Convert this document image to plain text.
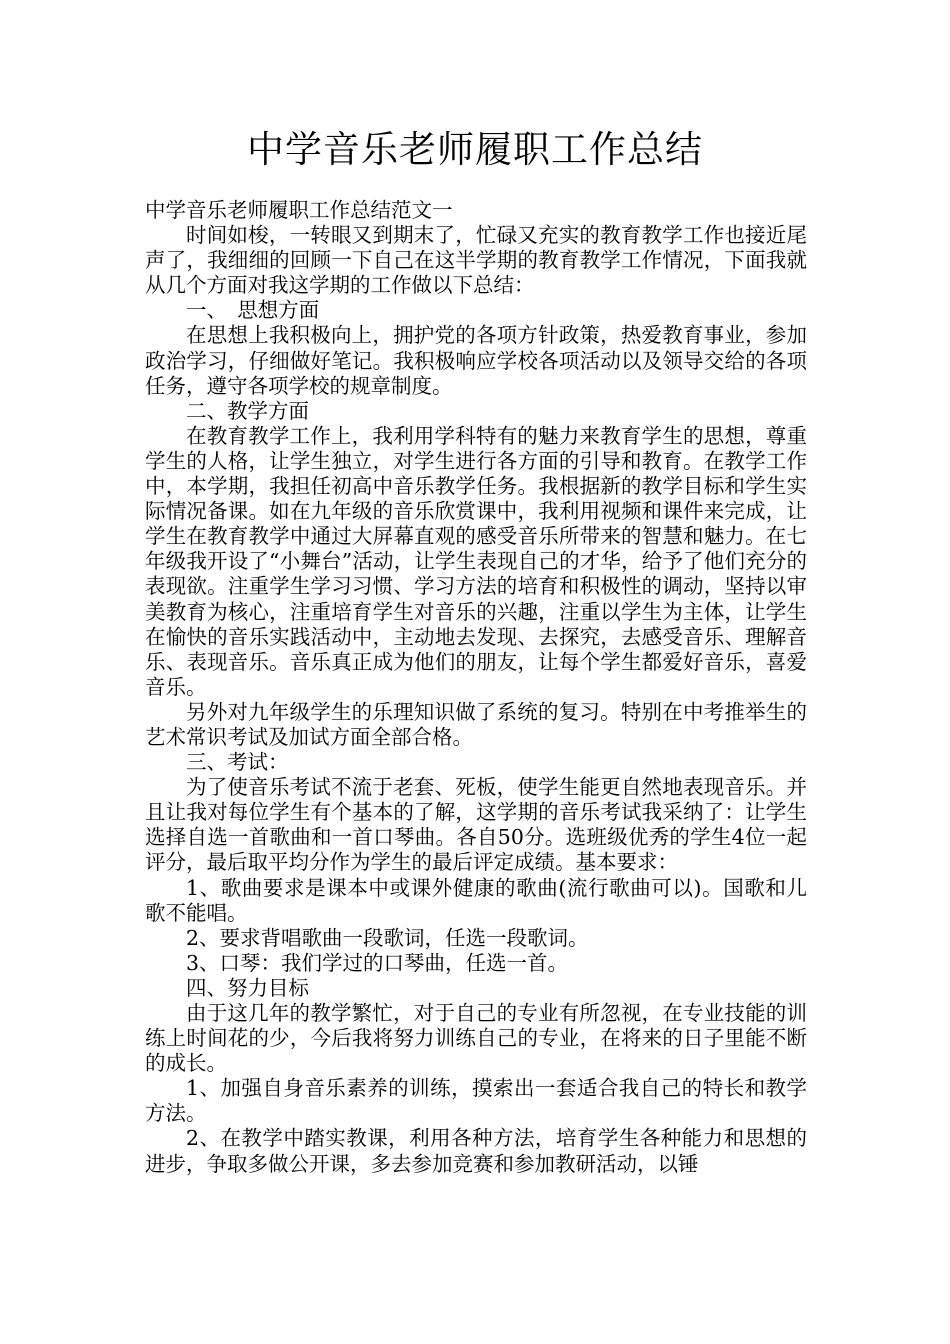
中学音乐老师履职工作总结

中学音乐老师履职工作总结范文一

时间如梭，一转眼又到期末了，忙碌又充实的教育教学工作也接近尾声了，我细细的回顾一下自己在这半学期的教育教学工作情况，下面我就从几个方面对我这学期的工作做以下总结：

一、　思想方面

在思想上我积极向上，拥护党的各项方针政策，热爱教育事业，参加政治学习，仔细做好笔记。我积极响应学校各项活动以及领导交给的各项任务，遵守各项学校的规章制度。

二、教学方面

在教育教学工作上，我利用学科特有的魅力来教育学生的思想，尊重学生的人格，让学生独立，对学生进行各方面的引导和教育。在教学工作中，本学期，我担任初高中音乐教学任务。我根据新的教学目标和学生实际情况备课。如在九年级的音乐欣赏课中，我利用视频和课件来完成，让学生在教育教学中通过大屏幕直观的感受音乐所带来的智慧和魅力。在七年级我开设了“小舞台”活动，让学生表现自己的才华，给予了他们充分的表现欲。注重学生学习习惯、学习方法的培育和积极性的调动，坚持以审美教育为核心，注重培育学生对音乐的兴趣，注重以学生为主体，让学生在愉快的音乐实践活动中，主动地去发现、去探究，去感受音乐、理解音乐、表现音乐。音乐真正成为他们的朋友，让每个学生都爱好音乐，喜爱音乐。

另外对九年级学生的乐理知识做了系统的复习。特别在中考推举生的艺术常识考试及加试方面全部合格。

三、考试：

为了使音乐考试不流于老套、死板，使学生能更自然地表现音乐。并且让我对每位学生有个基本的了解，这学期的音乐考试我采纳了：让学生选择自选一首歌曲和一首口琴曲。各自50分。选班级优秀的学生4位一起评分，最后取平均分作为学生的最后评定成绩。基本要求：

1、歌曲要求是课本中或课外健康的歌曲(流行歌曲可以)。国歌和儿歌不能唱。

2、要求背唱歌曲一段歌词，任选一段歌词。

3、口琴：我们学过的口琴曲，任选一首。

四、努力目标

由于这几年的教学繁忙，对于自己的专业有所忽视，在专业技能的训练上时间花的少，今后我将努力训练自己的专业，在将来的日子里能不断的成长。

1、加强自身音乐素养的训练，摸索出一套适合我自己的特长和教学方法。

2、在教学中踏实教课，利用各种方法，培育学生各种能力和思想的进步，争取多做公开课，多去参加竞赛和参加教研活动，以锤
